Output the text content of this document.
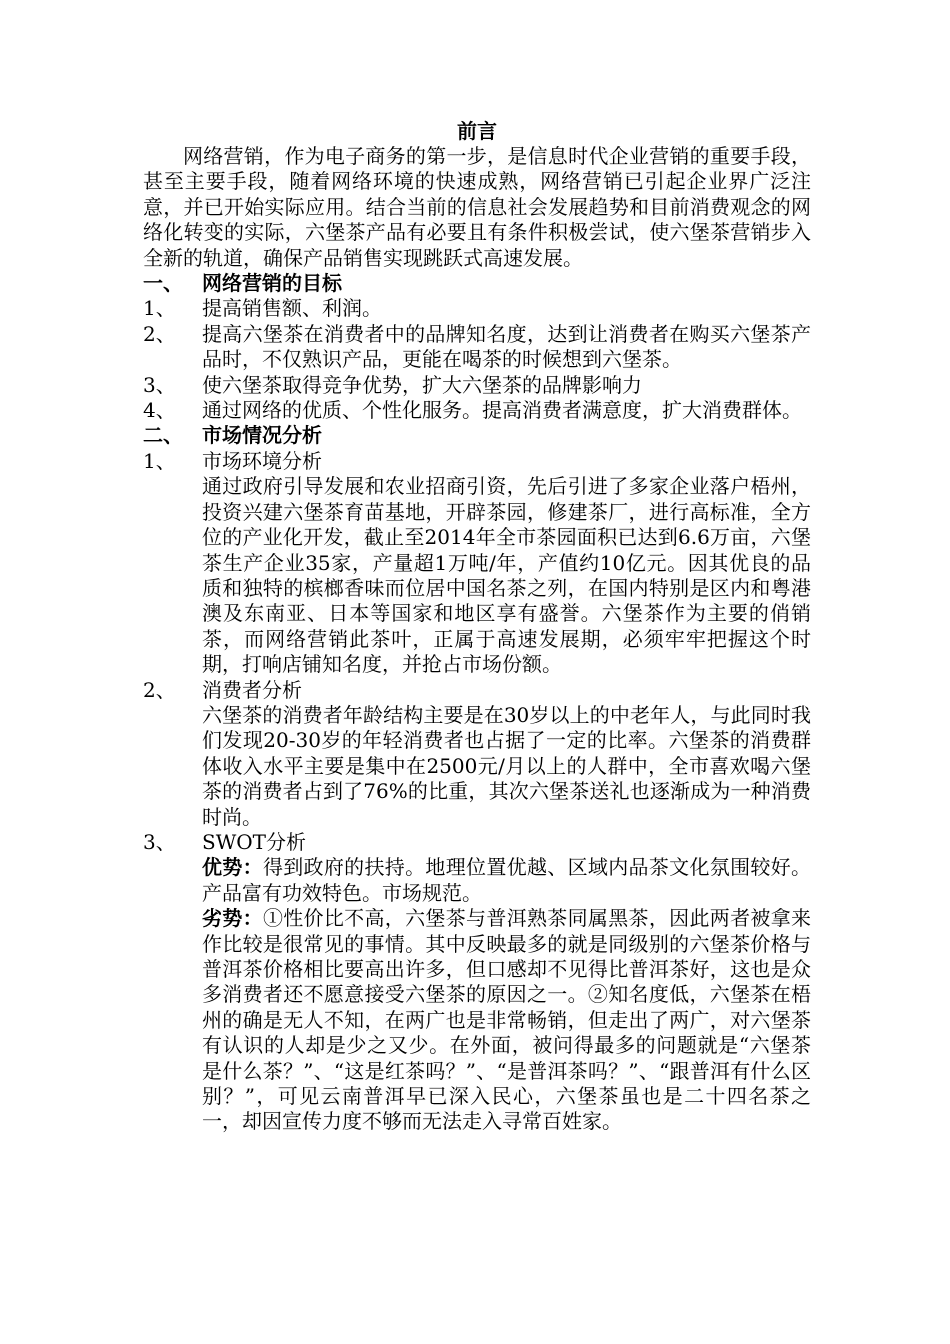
前言

网络营销，作为电子商务的第一步，是信息时代企业营销的重要手段，甚至主要手段，随着网络环境的快速成熟，网络营销已引起企业界广泛注意，并已开始实际应用。结合当前的信息社会发展趋势和目前消费观念的网络化转变的实际，六堡茶产品有必要且有条件积极尝试，使六堡茶营销步入全新的轨道，确保产品销售实现跳跃式高速发展。

一、 网络营销的目标
1、	提高销售额、利润。
2、	提高六堡茶在消费者中的品牌知名度，达到让消费者在购买六堡茶产品时，不仅熟识产品，更能在喝茶的时候想到六堡茶。
3、	使六堡茶取得竞争优势，扩大六堡茶的品牌影响力
4、	通过网络的优质、个性化服务。提高消费者满意度，扩大消费群体。
二、 市场情况分析
1、	市场环境分析
通过政府引导发展和农业招商引资，先后引进了多家企业落户梧州，投资兴建六堡茶育苗基地，开辟茶园，修建茶厂，进行高标准，全方位的产业化开发，截止至2014年全市茶园面积已达到6.6万亩，六堡茶生产企业35家，产量超1万吨/年，产值约10亿元。因其优良的品质和独特的槟榔香味而位居中国名茶之列，在国内特别是区内和粤港澳及东南亚、日本等国家和地区享有盛誉。六堡茶作为主要的俏销茶，而网络营销此茶叶，正属于高速发展期，必须牢牢把握这个时期，打响店铺知名度，并抢占市场份额。
2、	消费者分析
六堡茶的消费者年龄结构主要是在30岁以上的中老年人，与此同时我们发现20-30岁的年轻消费者也占据了一定的比率。六堡茶的消费群体收入水平主要是集中在2500元/月以上的人群中，全市喜欢喝六堡茶的消费者占到了76%的比重，其次六堡茶送礼也逐渐成为一种消费时尚。
3、	SWOT分析
优势：得到政府的扶持。地理位置优越、区域内品茶文化氛围较好。产品富有功效特色。市场规范。
劣势：①性价比不高，六堡茶与普洱熟茶同属黑茶，因此两者被拿来作比较是很常见的事情。其中反映最多的就是同级别的六堡茶价格与普洱茶价格相比要高出许多，但口感却不见得比普洱茶好，这也是众多消费者还不愿意接受六堡茶的原因之一。②知名度低，六堡茶在梧州的确是无人不知，在两广也是非常畅销，但走出了两广，对六堡茶有认识的人却是少之又少。在外面，被问得最多的问题就是“六堡茶是什么茶？”、“这是红茶吗？”、“是普洱茶吗？”、“跟普洱有什么区别？”，可见云南普洱早已深入民心，六堡茶虽也是二十四名茶之一，却因宣传力度不够而无法走入寻常百姓家。
